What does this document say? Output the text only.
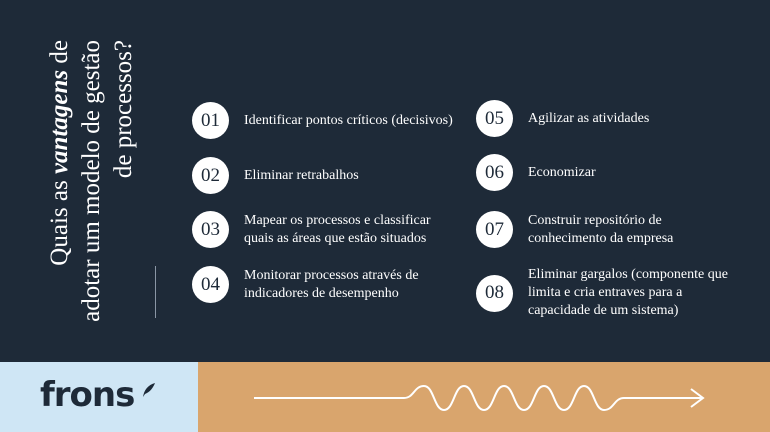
Quais as vantagens de adotar um modelo de gestão de processos?	01	Identificar pontos críticos (decisivos)
02	Eliminar retrabalhos
03	Mapear os processos e classificar quais as áreas que estão situados
04	Monitorar processos através de indicadores de desempenho
05	Agilizar as atividades
06	Economizar
07	Construir repositório de conhecimento da empresa
08
Eliminar gargalos (componente que limita e cria entraves para a capacidade de um sistema)
frons
